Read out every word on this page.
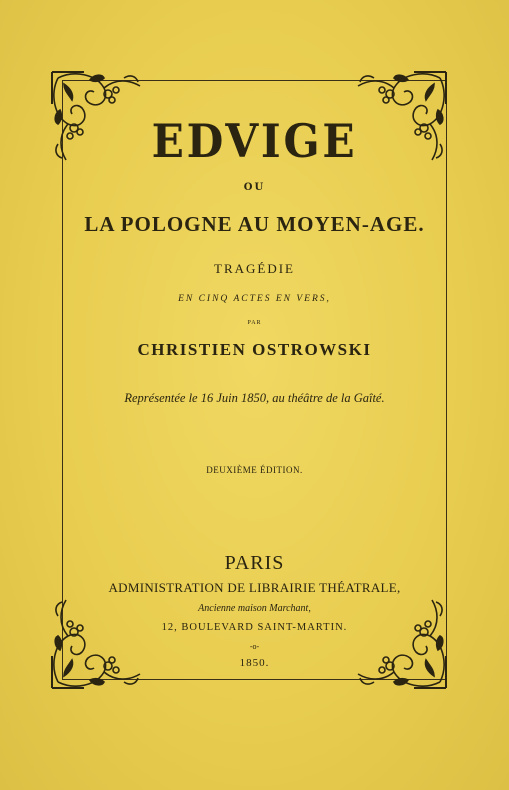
EDVIGE
OU
LA POLOGNE AU MOYEN-AGE.
TRAGÉDIE
EN CINQ ACTES EN VERS,
PAR
CHRISTIEN OSTROWSKI
Représentée le 16 Juin 1850, au théâtre de la Gaîté.
DEUXIÈME ÉDITION.
PARIS
ADMINISTRATION DE LIBRAIRIE THÉATRALE,
Ancienne maison Marchant,
12, BOULEVARD SAINT-MARTIN.
-o-
1850.
